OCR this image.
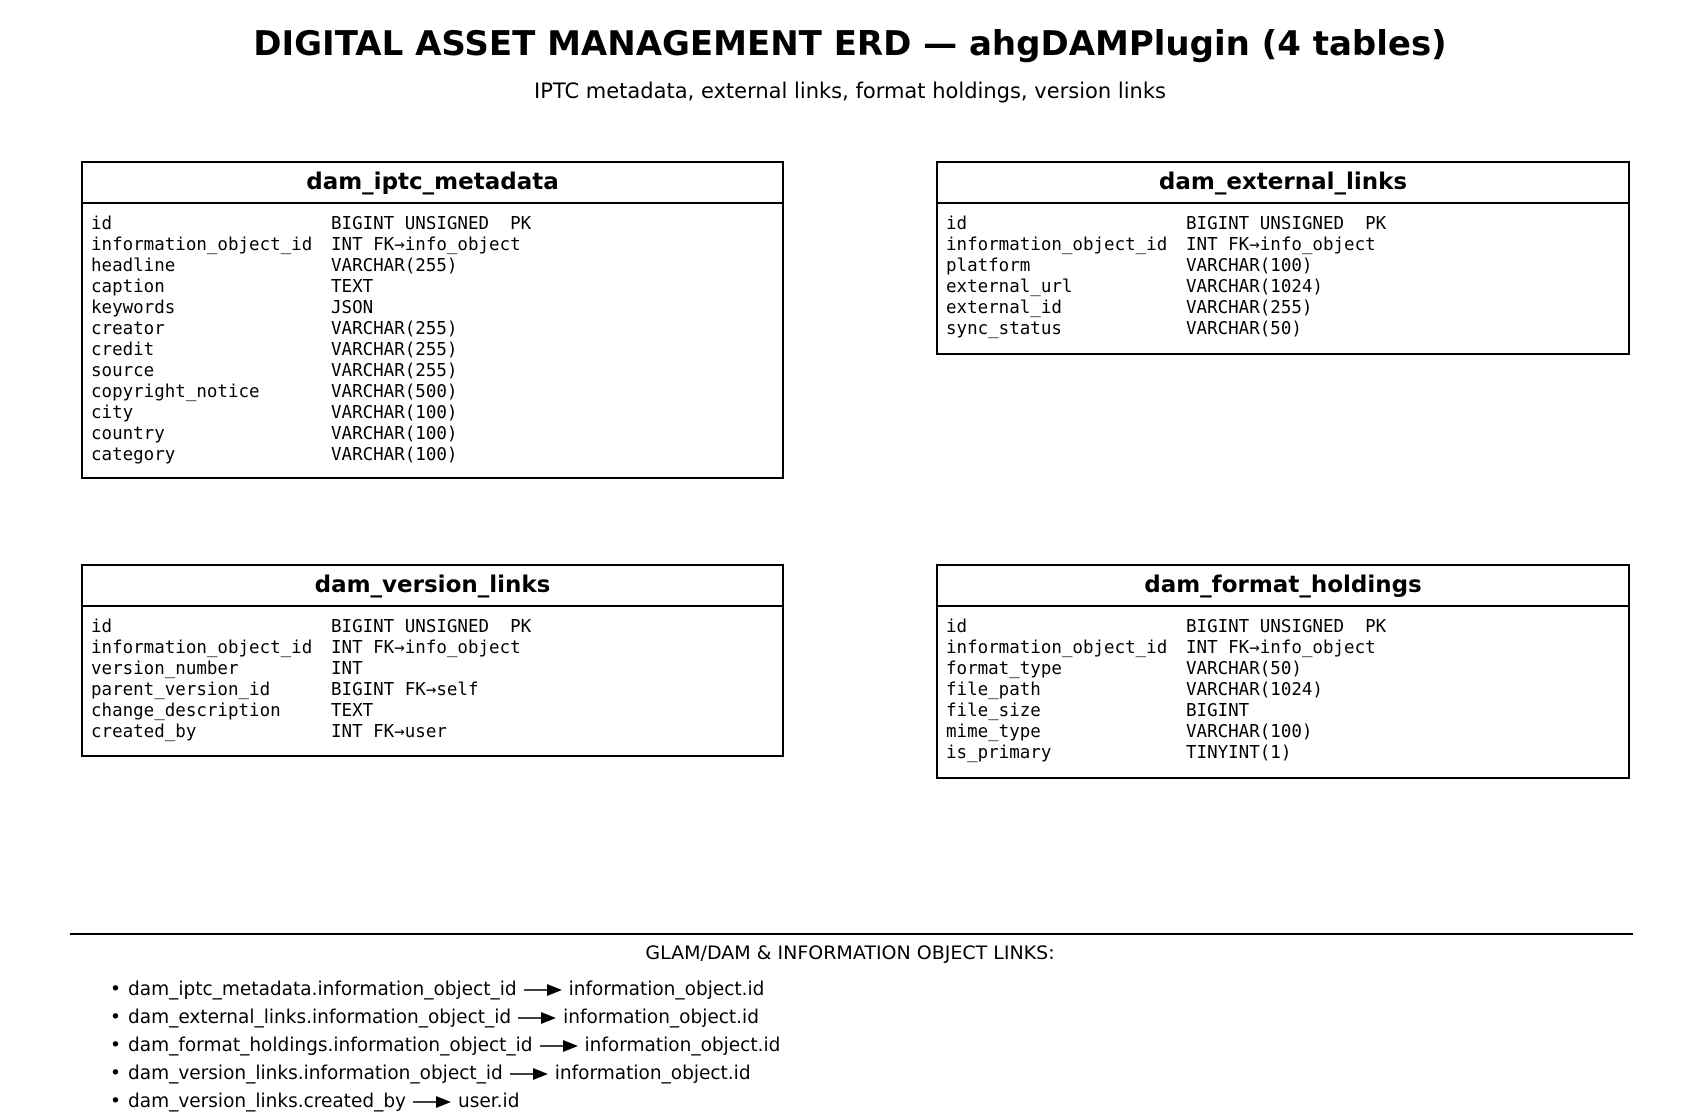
DIGITAL ASSET MANAGEMENT ERD — ahgDAMPlugin (4 tables)
IPTC metadata, external links, format holdings, version links
dam_iptc_metadata
id	BIGINT UNSIGNED  PK
information_object_id	INT FK→info_object
headline	VARCHAR(255)
caption	TEXT
keywords	JSON
creator	VARCHAR(255)
credit	VARCHAR(255)
source	VARCHAR(255)
copyright_notice	VARCHAR(500)
city	VARCHAR(100)
country	VARCHAR(100)
category	VARCHAR(100)
dam_external_links
id	BIGINT UNSIGNED  PK
information_object_id	INT FK→info_object
platform	VARCHAR(100)
external_url	VARCHAR(1024)
external_id	VARCHAR(255)
sync_status	VARCHAR(50)
dam_version_links
id	BIGINT UNSIGNED  PK
information_object_id	INT FK→info_object
version_number	INT
parent_version_id	BIGINT FK→self
change_description	TEXT
created_by	INT FK→user
dam_format_holdings
id	BIGINT UNSIGNED  PK
information_object_id	INT FK→info_object
format_type	VARCHAR(50)
file_path	VARCHAR(1024)
file_size	BIGINT
mime_type	VARCHAR(100)
is_primary	TINYINT(1)
GLAM/DAM & INFORMATION OBJECT LINKS:
• dam_iptc_metadata.information_object_id	information_object.id
• dam_external_links.information_object_id	information_object.id
• dam_format_holdings.information_object_id	information_object.id
• dam_version_links.information_object_id	information_object.id
• dam_version_links.created_by	user.id
